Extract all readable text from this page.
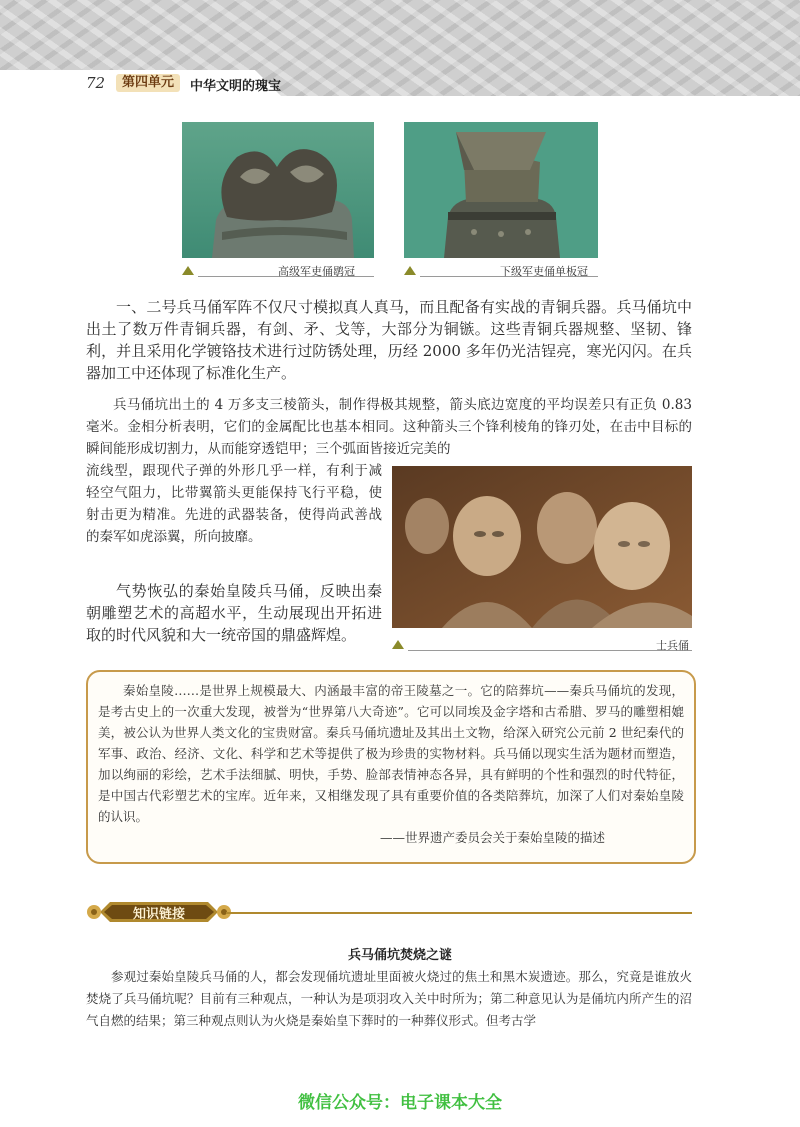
72	第四单元	中华文明的瑰宝
高级军吏俑鹖冠	下级军吏俑单板冠

一、二号兵马俑军阵不仅尺寸模拟真人真马，而且配备有实战的青铜兵器。兵马俑坑中出土了数万件青铜兵器，有剑、矛、戈等，大部分为铜镞。这些青铜兵器规整、坚韧、锋利，并且采用化学镀铬技术进行过防锈处理，历经 2000 多年仍光洁锃亮，寒光闪闪。在兵器加工中还体现了标准化生产。

兵马俑坑出土的 4 万多支三棱箭头，制作得极其规整，箭头底边宽度的平均误差只有正负 0.83 毫米。金相分析表明，它们的金属配比也基本相同。这种箭头三个锋利棱角的锋刃处，在击中目标的瞬间能形成切割力，从而能穿透铠甲；三个弧面皆接近完美的

流线型，跟现代子弹的外形几乎一样，有利于减轻空气阻力，比带翼箭头更能保持飞行平稳，使射击更为精准。先进的武器装备，使得尚武善战的秦军如虎添翼，所向披靡。

士兵俑

气势恢弘的秦始皇陵兵马俑，反映出秦朝雕塑艺术的高超水平，生动展现出开拓进取的时代风貌和大一统帝国的鼎盛辉煌。

秦始皇陵……是世界上规模最大、内涵最丰富的帝王陵墓之一。它的陪葬坑——秦兵马俑坑的发现，是考古史上的一次重大发现，被誉为“世界第八大奇迹”。它可以同埃及金字塔和古希腊、罗马的雕塑相媲美，被公认为世界人类文化的宝贵财富。秦兵马俑坑遗址及其出土文物，给深入研究公元前 2 世纪秦代的军事、政治、经济、文化、科学和艺术等提供了极为珍贵的实物材料。兵马俑以现实生活为题材而塑造，加以绚丽的彩绘，艺术手法细腻、明快，手势、脸部表情神态各异，具有鲜明的个性和强烈的时代特征，是中国古代彩塑艺术的宝库。近年来，又相继发现了具有重要价值的各类陪葬坑，加深了人们对秦始皇陵的认识。

——世界遗产委员会关于秦始皇陵的描述
知识链接
兵马俑坑焚烧之谜

参观过秦始皇陵兵马俑的人，都会发现俑坑遗址里面被火烧过的焦土和黑木炭遗迹。那么，究竟是谁放火焚烧了兵马俑坑呢？目前有三种观点，一种认为是项羽攻入关中时所为；第二种意见认为是俑坑内所产生的沼气自燃的结果；第三种观点则认为火烧是秦始皇下葬时的一种葬仪形式。但考古学

微信公众号：电子课本大全
